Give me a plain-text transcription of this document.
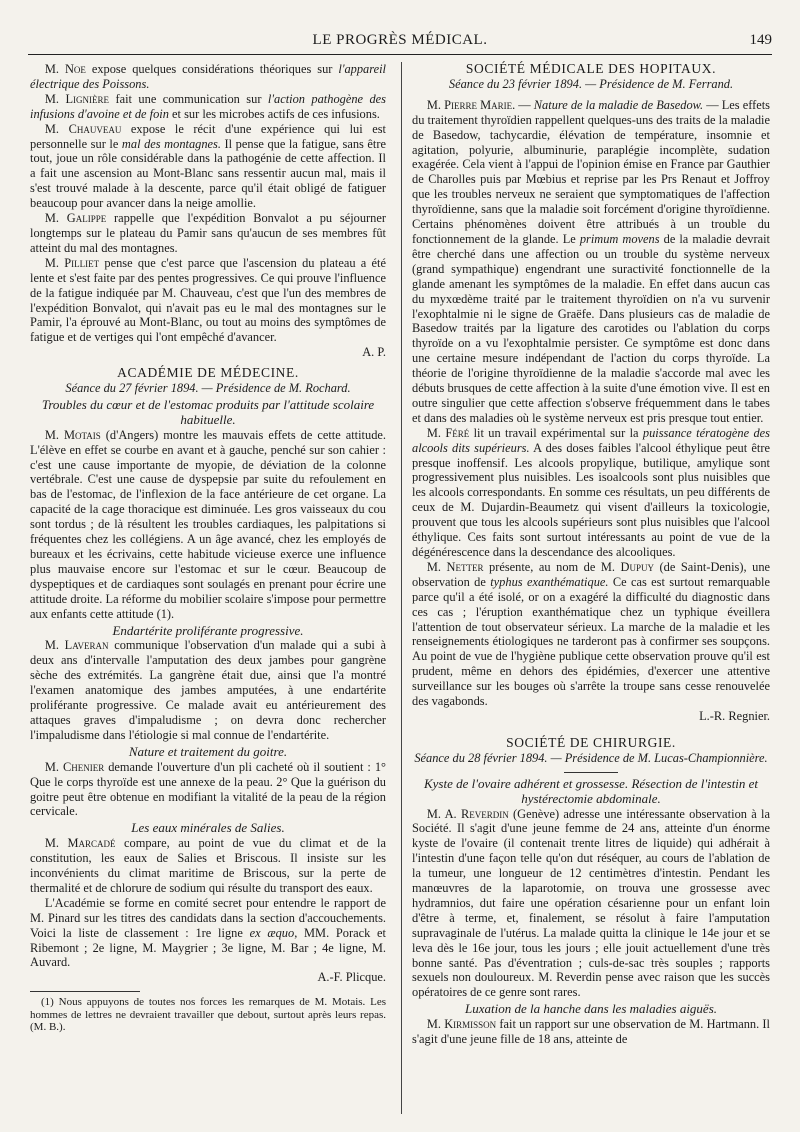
LE PROGRÈS MÉDICAL.	149

M. Noe expose quelques considérations théoriques sur l'appareil électrique des Poissons.

M. Lignière fait une communication sur l'action pathogène des infusions d'avoine et de foin et sur les microbes actifs de ces infusions.

M. Chauveau expose le récit d'une expérience qui lui est personnelle sur le mal des montagnes. Il pense que la fatigue, sans être tout, joue un rôle considérable dans la pathogénie de cette affection. Il a fait une ascension au Mont-Blanc sans ressentir aucun mal, mais il s'est trouvé malade à la descente, parce qu'il était obligé de fatiguer beaucoup pour avancer dans la neige amollie.

M. Galippe rappelle que l'expédition Bonvalot a pu séjourner longtemps sur le plateau du Pamir sans qu'aucun de ses membres fût atteint du mal des montagnes.

M. Pilliet pense que c'est parce que l'ascension du plateau a été lente et s'est faite par des pentes progressives. Ce qui prouve l'influence de la fatigue indiquée par M. Chauveau, c'est que l'un des membres de l'expédition Bonvalot, qui n'avait pas eu le mal des montagnes sur le Pamir, l'a éprouvé au Mont-Blanc, ou tout au moins des symptômes de fatigue et de vertiges qui l'ont empêché d'avancer.

A. P.

ACADÉMIE DE MÉDECINE.

Séance du 27 février 1894. — Présidence de M. Rochard.

Troubles du cœur et de l'estomac produits par l'attitude scolaire habituelle.

M. Motais (d'Angers) montre les mauvais effets de cette attitude. L'élève en effet se courbe en avant et à gauche, penché sur son cahier : c'est une cause importante de myopie, de déviation de la colonne vertébrale. C'est une cause de dyspepsie par suite du refoulement en bas de l'estomac, de l'inflexion de la face antérieure de cet organe. La capacité de la cage thoracique est diminuée. Les gros vaisseaux du cou sont tordus ; de là résultent les troubles cardiaques, les palpitations si fréquentes chez les collégiens. A un âge avancé, chez les employés de bureaux et les écrivains, cette habitude vicieuse exerce une influence plus mauvaise encore sur l'estomac et sur le cœur. Beaucoup de dyspeptiques et de cardiaques sont soulagés en prenant pour écrire une attitude droite. La réforme du mobilier scolaire s'impose pour permettre aux enfants cette attitude (1).

Endartérite proliférante progressive.

M. Laveran communique l'observation d'un malade qui a subi à deux ans d'intervalle l'amputation des deux jambes pour gangrène sèche des extrémités. La gangrène était due, ainsi que l'a montré l'examen anatomique des jambes amputées, à une endartérite proliférante progressive. Ce malade avait eu antérieurement des attaques graves d'impaludisme ; on devra donc rechercher l'impaludisme dans l'étiologie si mal connue de l'endartérite.

Nature et traitement du goitre.

M. Chenier demande l'ouverture d'un pli cacheté où il soutient : 1° Que le corps thyroïde est une annexe de la peau. 2° Que la guérison du goitre peut être obtenue en modifiant la vitalité de la peau de la région cervicale.

Les eaux minérales de Salies.

M. Marcadé compare, au point de vue du climat et de la constitution, les eaux de Salies et Briscous. Il insiste sur les inconvénients du climat maritime de Briscous, sur la perte de thermalité et de chlorure de sodium qui résulte du transport des eaux.

L'Académie se forme en comité secret pour entendre le rapport de M. Pinard sur les titres des candidats dans la section d'accouchements. Voici la liste de classement : 1re ligne ex æquo, MM. Porack et Ribemont ; 2e ligne, M. Maygrier ; 3e ligne, M. Bar ; 4e ligne, M. Auvard.

A.-F. Plicque.

(1) Nous appuyons de toutes nos forces les remarques de M. Motais. Les hommes de lettres ne devraient travailler que debout, surtout après leurs repas. (M. B.).

SOCIÉTÉ MÉDICALE DES HOPITAUX.

Séance du 23 février 1894. — Présidence de M. Ferrand.

M. Pierre Marie. — Nature de la maladie de Basedow. — Les effets du traitement thyroïdien rappellent quelques-uns des traits de la maladie de Basedow, tachycardie, élévation de température, insomnie et agitation, polyurie, albuminurie, paraplégie incomplète, sudation exagérée. Cela vient à l'appui de l'opinion émise en France par Gauthier de Charolles puis par Mœbius et reprise par les Prs Renaut et Joffroy que les troubles nerveux ne seraient que symptomatiques de l'affection thyroïdienne, sans que la maladie soit forcément d'origine thyroïdienne. Certains phénomènes doivent être attribués à un trouble du fonctionnement de la glande. Le primum movens de la maladie devrait être cherché dans une affection ou un trouble du système nerveux (grand sympathique) engendrant une suractivité fonctionnelle de la glande amenant les symptômes de la maladie. En effet dans aucun cas du myxœdème traité par le traitement thyroïdien on n'a vu survenir l'exophtalmie ni le signe de Graëfe. Dans plusieurs cas de maladie de Basedow traités par la ligature des carotides ou l'ablation du corps thyroïde on a vu l'exophtalmie persister. Ce symptôme est donc dans une certaine mesure indépendant de l'action du corps thyroïde. La théorie de l'origine thyroïdienne de la maladie s'accorde mal avec les débuts brusques de cette affection à la suite d'une émotion vive. Il est en outre singulier que cette affection s'observe fréquemment dans le tabes et dans des maladies où le système nerveux est pris presque tout entier.

M. Féré lit un travail expérimental sur la puissance tératogène des alcools dits supérieurs. A des doses faibles l'alcool éthylique peut être presque inoffensif. Les alcools propylique, butilique, amylique sont progressivement plus nuisibles. Les isoalcools sont plus nuisibles que les alcools correspondants. En somme ces résultats, un peu différents de ceux de M. Dujardin-Beaumetz qui visent d'ailleurs la toxicologie, prouvent que tous les alcools supérieurs sont plus nuisibles que l'alcool éthylique. Ces faits sont surtout intéressants au point de vue de la dégénérescence dans la descendance des alcooliques.

M. Netter présente, au nom de M. Dupuy (de Saint-Denis), une observation de typhus exanthématique. Ce cas est surtout remarquable parce qu'il a été isolé, or on a exagéré la difficulté du diagnostic dans ces cas ; l'éruption exanthématique chez un typhique éveillera l'attention de tout observateur sérieux. La marche de la maladie et les renseignements étiologiques ne tarderont pas à confirmer ses soupçons. Au point de vue de l'hygiène publique cette observation prouve qu'il est prudent, même en dehors des épidémies, d'exercer une attentive surveillance sur les bouges où s'arrête la troupe sans cesse renouvelée des vagabonds.

L.-R. Regnier.

SOCIÉTÉ DE CHIRURGIE.

Séance du 28 février 1894. — Présidence de M. Lucas-Championnière.

Kyste de l'ovaire adhérent et grossesse. Résection de l'intestin et hystérectomie abdominale.

M. A. Reverdin (Genève) adresse une intéressante observation à la Société. Il s'agit d'une jeune femme de 24 ans, atteinte d'un énorme kyste de l'ovaire (il contenait trente litres de liquide) qui adhérait à l'intestin d'une façon telle qu'on dut réséquer, au cours de l'ablation de la tumeur, une longueur de 12 centimètres d'intestin. Pendant les manœuvres de la laparotomie, on trouva une grossesse avec hydramnios, dut faire une opération césarienne pour un enfant loin d'être à terme, et, finalement, se résolut à faire l'amputation supravaginale de l'utérus. La malade quitta la clinique le 14e jour et se leva dès le 16e jour, tous les jours ; elle jouit actuellement d'une très bonne santé. Pas d'éventration ; culs-de-sac très souples ; rapports sexuels non douloureux. M. Reverdin pense avec raison que les succès opératoires de ce genre sont rares.

Luxation de la hanche dans les maladies aiguës.

M. Kirmisson fait un rapport sur une observation de M. Hartmann. Il s'agit d'une jeune fille de 18 ans, atteinte de
